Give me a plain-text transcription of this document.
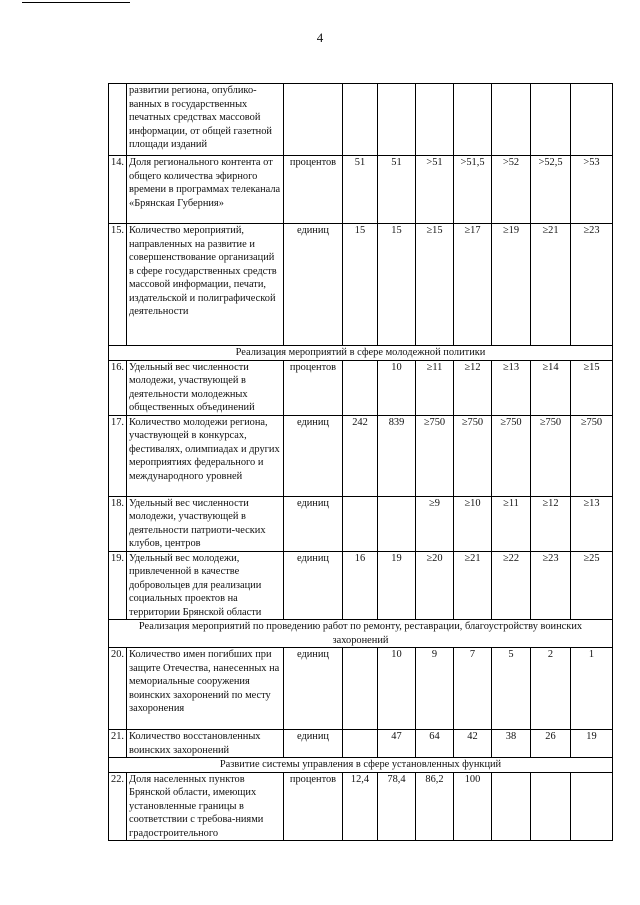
4
	развитии региона, опублико-ванных в государственных печатных средствах массовой информации, от общей газетной площади изданий								
14.	Доля регионального контента от общего количества эфирного времени в программах телеканала «Брянская Губерния»	процентов	51	51	>51	>51,5	>52	>52,5	>53
15.	Количество мероприятий, направленных на развитие и совершенствование организаций в сфере государственных средств массовой информации, печати, издательской и полиграфической деятельности	единиц	15	15	≥15	≥17	≥19	≥21	≥23
Реализация мероприятий в сфере молодежной политики									
16.	Удельный вес численности молодежи, участвующей в деятельности молодежных общественных объединений	процентов		10	≥11	≥12	≥13	≥14	≥15
17.	Количество молодежи региона, участвующей в конкурсах, фестивалях, олимпиадах и других мероприятиях федерального и международного уровней	единиц	242	839	≥750	≥750	≥750	≥750	≥750
18.	Удельный вес численности молодежи, участвующей в деятельности патриоти-ческих клубов, центров	единиц			≥9	≥10	≥11	≥12	≥13
19.	Удельный вес молодежи, привлеченной в качестве добровольцев для реализации социальных проектов на территории Брянской области	единиц	16	19	≥20	≥21	≥22	≥23	≥25
Реализация мероприятий по проведению работ по ремонту, реставрации, благоустройству воинских захоронений									
20.	Количество имен погибших при защите Отечества, нанесенных на мемориальные сооружения воинских захоронений по месту захоронения	единиц		10	9	7	5	2	1
21.	Количество восстановленных воинских захоронений	единиц		47	64	42	38	26	19
Развитие системы управления в сфере установленных функций									
22.	Доля населенных пунктов Брянской области, имеющих установленные границы в соответствии с требова-ниями градостроительного	процентов	12,4	78,4	86,2	100			
